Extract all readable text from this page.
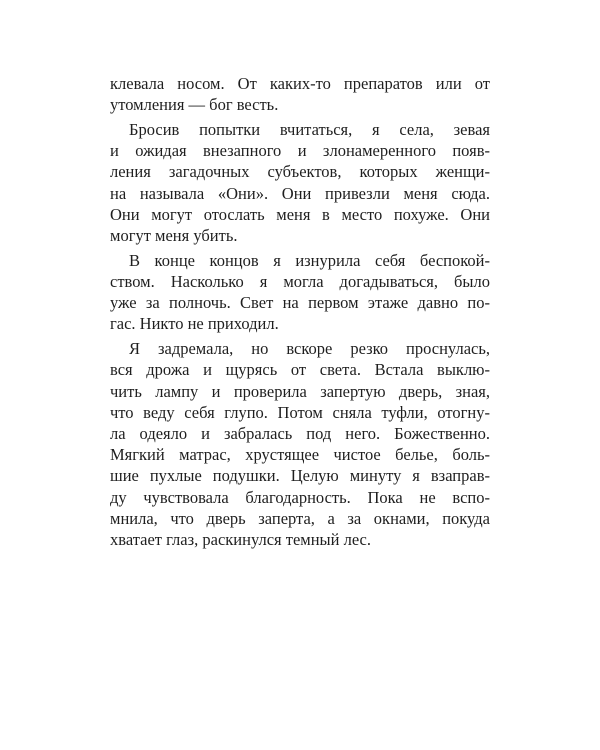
клевала носом. От каких-то препаратов или от
утомления — бог весть.

Бросив попытки вчитаться, я села, зевая
и ожидая внезапного и злонамеренного появ-
ления загадочных субъектов, которых женщи-
на называла «Они». Они привезли меня сюда.
Они могут отослать меня в место похуже. Они
могут меня убить.

В конце концов я изнурила себя беспокой-
ством. Насколько я могла догадываться, было
уже за полночь. Свет на первом этаже давно по-
гас. Никто не приходил.

Я задремала, но вскоре резко проснулась,
вся дрожа и щурясь от света. Встала выклю-
чить лампу и проверила запертую дверь, зная,
что веду себя глупо. Потом сняла туфли, отогну-
ла одеяло и забралась под него. Божественно.
Мягкий матрас, хрустящее чистое белье, боль-
шие пухлые подушки. Целую минуту я взаправ-
ду чувствовала благодарность. Пока не вспо-
мнила, что дверь заперта, а за окнами, покуда
хватает глаз, раскинулся темный лес.
